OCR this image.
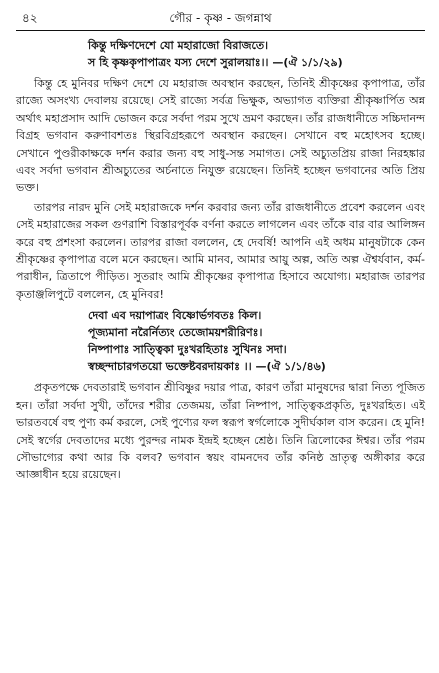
৪২	গৌর - কৃষ্ণ - জগন্নাথ

কিন্তু দক্ষিণদেশে যো মহারাজো বিরাজতে।

স হি কৃষ্ণকৃপাপাত্রং যস্য দেশে সুরালয়াঃ।। —(ঐ ১/১/২৯)

কিন্তু হে মুনিবর দক্ষিণ দেশে যে মহারাজ অবস্থান করছেন, তিনিই শ্রীকৃষ্ণের কৃপাপাত্র, তাঁর রাজ্যে অসংখ্য দেবালয় রয়েছে। সেই রাজ্যে সর্বত্র ভিক্ষুক, অভ্যাগত ব্যক্তিরা শ্রীকৃষ্ণার্পিত অন্ন অর্থাৎ মহাপ্রসাদ আদি ভোজন করে সর্বদা পরম সুখে ভ্রমণ করছেন। তাঁর রাজধানীতে সচ্চিদানন্দ বিগ্রহ ভগবান করুণাবশতঃ স্থিরবিগ্রহরূপে অবস্থান করছেন। সেখানে বহু মহোৎসব হচ্ছে। সেখানে পুণ্ডরীকাক্ষকে দর্শন করার জন্য বহু সাধু-সন্ত সমাগত। সেই অচ্যুতপ্রিয় রাজা নিরহঙ্কার এবং সর্বদা ভগবান শ্রীঅচ্যুতের অর্চনাতে নিযুক্ত রয়েছেন। তিনিই হচ্ছেন ভগবানের অতি প্রিয় ভক্ত।

তারপর নারদ মুনি সেই মহারাজকে দর্শন করবার জন্য তাঁর রাজধানীতে প্রবেশ করলেন এবং সেই মহারাজের সকল গুণরাশি বিস্তারপূর্বক বর্ণনা করতে লাগলেন এবং তাঁকে বার বার আলিঙ্গন করে বহু প্রশংসা করলেন। তারপর রাজা বললেন, হে দেবর্ষি! আপনি এই অধম মানুষটাকে কেন শ্রীকৃষ্ণের কৃপাপাত্র বলে মনে করছেন। আমি মানব, আমার আয়ু অল্প, অতি অল্প ঐশ্বর্যবান, কর্ম-পরাধীন, ত্রিতাপে পীড়িত। সুতরাং আমি শ্রীকৃষ্ণের কৃপাপাত্র হিসাবে অযোগ্য। মহারাজ তারপর কৃতাঞ্জলিপুটে বললেন, হে মুনিবর!

দেবা এব দয়াপাত্রং বিষ্ণোর্ভগবতঃ কিল।

পূজ্যমানা নরৈর্নিত্যং তেজোময়শরীরিণঃ।

নিষ্পাপাঃ সাত্ত্বিকা দুঃখরহিতাঃ সুখিনঃ সদা।

স্বচ্ছন্দাচারগতয়ো ভক্তেষ্টবরদায়কাঃ ।। —(ঐ ১/১/৪৬)

প্রকৃতপক্ষে দেবতারাই ভগবান শ্রীবিষ্ণুর দয়ার পাত্র, কারণ তাঁরা মানুষদের দ্বারা নিত্য পূজিত হন। তাঁরা সর্বদা সুখী, তাঁদের শরীর তেজময়, তাঁরা নিষ্পাপ, সাত্ত্বিকপ্রকৃতি, দুঃখরহিত। এই ভারতবর্ষে বহু পুণ্য কর্ম করলে, সেই পুণ্যের ফল স্বরূপ স্বর্গলোকে সুদীর্ঘকাল বাস করেন। হে মুনি! সেই স্বর্গের দেবতাদের মধ্যে পুরন্দর নামক ইন্দ্রই হচ্ছেন শ্রেষ্ঠ। তিনি ত্রিলোকের ঈশ্বর। তাঁর পরম সৌভাগ্যের কথা আর কি বলব? ভগবান স্বয়ং বামনদেব তাঁর কনিষ্ঠ ভ্রাতৃত্ব অঙ্গীকার করে আজ্ঞাধীন হয়ে রয়েছেন।
